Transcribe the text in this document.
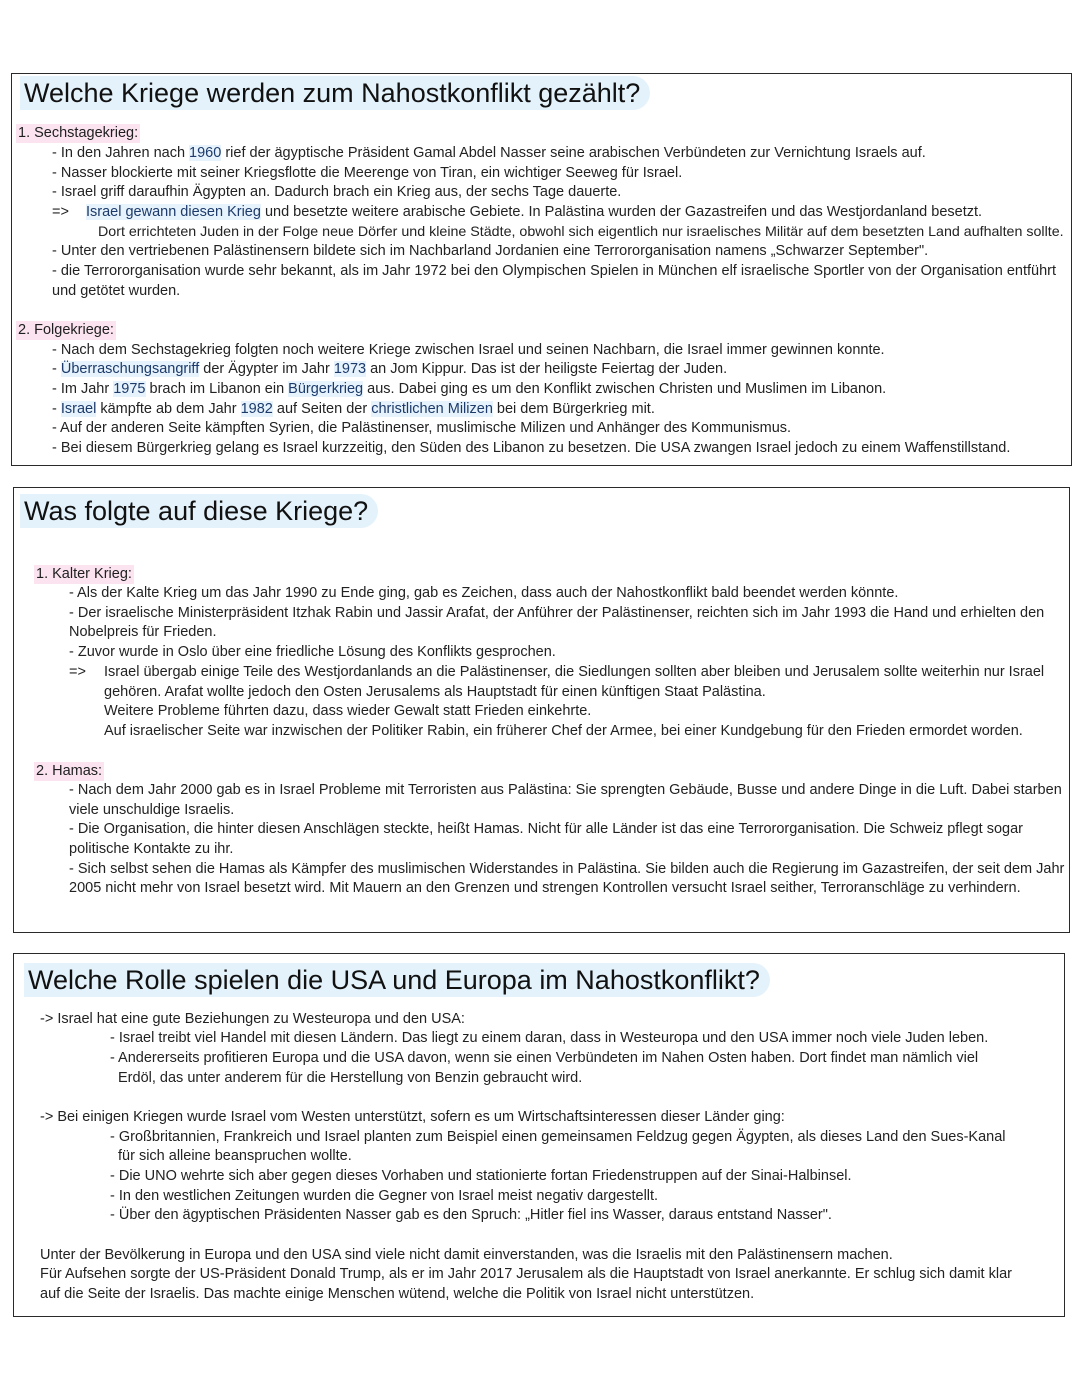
Welche Kriege werden zum Nahostkonflikt gezählt?
1. Sechstagekrieg:
- In den Jahren nach 1960 rief der ägyptische Präsident Gamal Abdel Nasser seine arabischen Verbündeten zur Vernichtung Israels auf.
- Nasser blockierte mit seiner Kriegsflotte die Meerenge von Tiran, ein wichtiger Seeweg für Israel.
- Israel griff daraufhin Ägypten an. Dadurch brach ein Krieg aus, der sechs Tage dauerte.
=> Israel gewann diesen Krieg und besetzte weitere arabische Gebiete. In Palästina wurden der Gazastreifen und das Westjordanland besetzt.
Dort errichteten Juden in der Folge neue Dörfer und kleine Städte, obwohl sich eigentlich nur israelisches Militär auf dem besetzten Land aufhalten sollte.
- Unter den vertriebenen Palästinensern bildete sich im Nachbarland Jordanien eine Terrororganisation namens „Schwarzer September".
- die Terrororganisation wurde sehr bekannt, als im Jahr 1972 bei den Olympischen Spielen in München elf israelische Sportler von der Organisation entführt
und getötet wurden.
2. Folgekriege:
- Nach dem Sechstagekrieg folgten noch weitere Kriege zwischen Israel und seinen Nachbarn, die Israel immer gewinnen konnte.
- Überraschungsangriff der Ägypter im Jahr 1973 an Jom Kippur. Das ist der heiligste Feiertag der Juden.
- Im Jahr 1975 brach im Libanon ein Bürgerkrieg aus. Dabei ging es um den Konflikt zwischen Christen und Muslimen im Libanon.
- Israel kämpfte ab dem Jahr 1982 auf Seiten der christlichen Milizen bei dem Bürgerkrieg mit.
- Auf der anderen Seite kämpften Syrien, die Palästinenser, muslimische Milizen und Anhänger des Kommunismus.
- Bei diesem Bürgerkrieg gelang es Israel kurzzeitig, den Süden des Libanon zu besetzen. Die USA zwangen Israel jedoch zu einem Waffenstillstand.
Was folgte auf diese Kriege?
1. Kalter Krieg:
- Als der Kalte Krieg um das Jahr 1990 zu Ende ging, gab es Zeichen, dass auch der Nahostkonflikt bald beendet werden könnte.
- Der israelische Ministerpräsident Itzhak Rabin und Jassir Arafat, der Anführer der Palästinenser, reichten sich im Jahr 1993 die Hand und erhielten den
Nobelpreis für Frieden.
- Zuvor wurde in Oslo über eine friedliche Lösung des Konflikts gesprochen.
=> Israel übergab einige Teile des Westjordanlands an die Palästinenser, die Siedlungen sollten aber bleiben und Jerusalem sollte weiterhin nur Israel
gehören. Arafat wollte jedoch den Osten Jerusalems als Hauptstadt für einen künftigen Staat Palästina.
Weitere Probleme führten dazu, dass wieder Gewalt statt Frieden einkehrte.
Auf israelischer Seite war inzwischen der Politiker Rabin, ein früherer Chef der Armee, bei einer Kundgebung für den Frieden ermordet worden.
2. Hamas:
- Nach dem Jahr 2000 gab es in Israel Probleme mit Terroristen aus Palästina: Sie sprengten Gebäude, Busse und andere Dinge in die Luft. Dabei starben
viele unschuldige Israelis.
- Die Organisation, die hinter diesen Anschlägen steckte, heißt Hamas. Nicht für alle Länder ist das eine Terrororganisation. Die Schweiz pflegt sogar
politische Kontakte zu ihr.
- Sich selbst sehen die Hamas als Kämpfer des muslimischen Widerstandes in Palästina. Sie bilden auch die Regierung im Gazastreifen, der seit dem Jahr
2005 nicht mehr von Israel besetzt wird. Mit Mauern an den Grenzen und strengen Kontrollen versucht Israel seither, Terroranschläge zu verhindern.
Welche Rolle spielen die USA und Europa im Nahostkonflikt?
-> Israel hat eine gute Beziehungen zu Westeuropa und den USA:
- Israel treibt viel Handel mit diesen Ländern. Das liegt zu einem daran, dass in Westeuropa und den USA immer noch viele Juden leben.
- Andererseits profitieren Europa und die USA davon, wenn sie einen Verbündeten im Nahen Osten haben. Dort findet man nämlich viel
Erdöl, das unter anderem für die Herstellung von Benzin gebraucht wird.
-> Bei einigen Kriegen wurde Israel vom Westen unterstützt, sofern es um Wirtschaftsinteressen dieser Länder ging:
- Großbritannien, Frankreich und Israel planten zum Beispiel einen gemeinsamen Feldzug gegen Ägypten, als dieses Land den Sues-Kanal
für sich alleine beanspruchen wollte.
- Die UNO wehrte sich aber gegen dieses Vorhaben und stationierte fortan Friedenstruppen auf der Sinai-Halbinsel.
- In den westlichen Zeitungen wurden die Gegner von Israel meist negativ dargestellt.
- Über den ägyptischen Präsidenten Nasser gab es den Spruch: „Hitler fiel ins Wasser, daraus entstand Nasser".
Unter der Bevölkerung in Europa und den USA sind viele nicht damit einverstanden, was die Israelis mit den Palästinensern machen.
Für Aufsehen sorgte der US-Präsident Donald Trump, als er im Jahr 2017 Jerusalem als die Hauptstadt von Israel anerkannte. Er schlug sich damit klar
auf die Seite der Israelis. Das machte einige Menschen wütend, welche die Politik von Israel nicht unterstützen.
